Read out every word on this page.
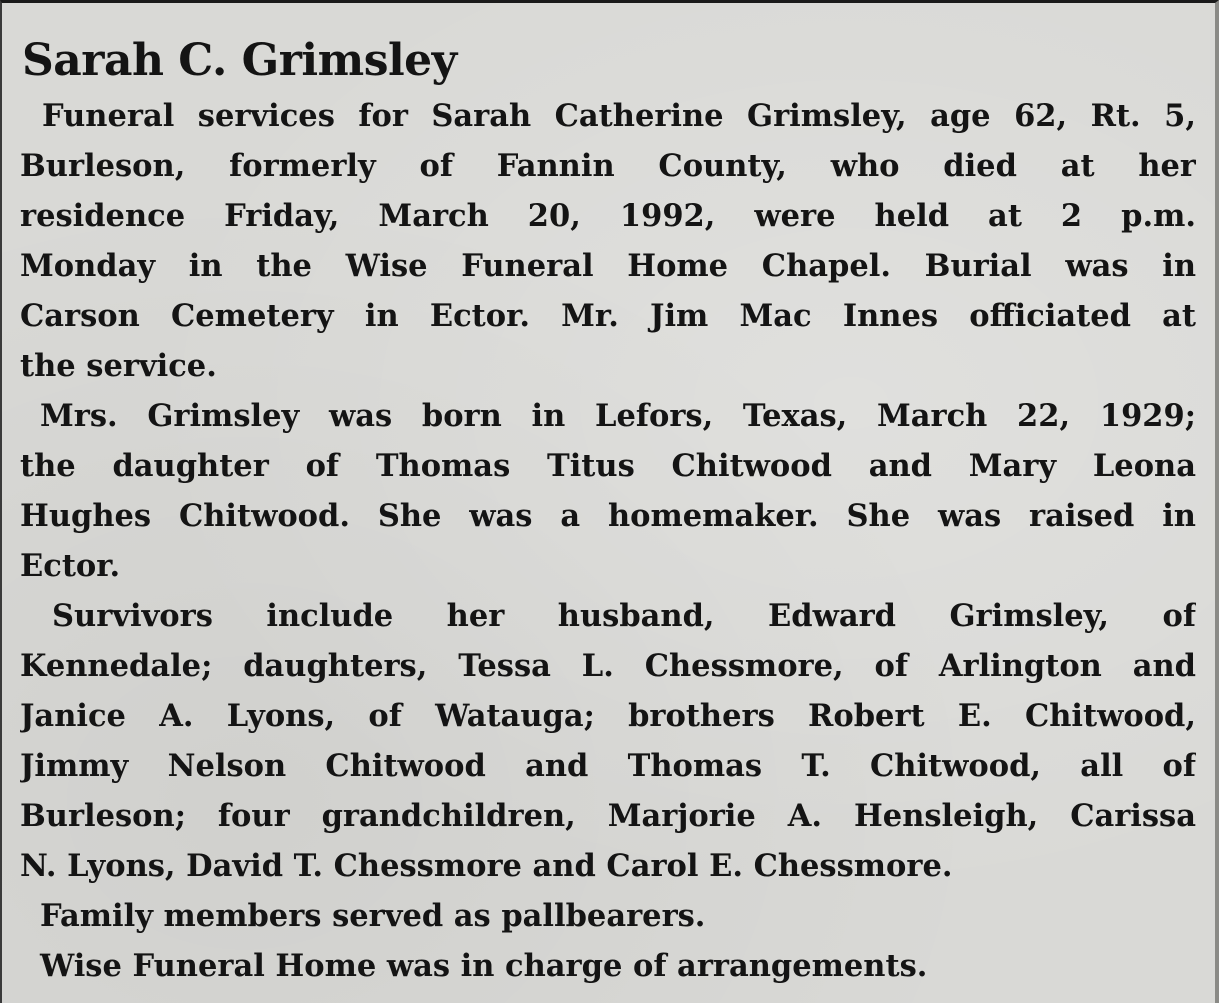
Sarah C. Grimsley
Funeral services for Sarah Catherine Grimsley, age 62, Rt. 5,
Burleson, formerly of Fannin County, who died at her
residence Friday, March 20, 1992, were held at 2 p.m.
Monday in the Wise Funeral Home Chapel. Burial was in
Carson Cemetery in Ector. Mr. Jim Mac Innes officiated at
the service.
Mrs. Grimsley was born in Lefors, Texas, March 22, 1929;
the daughter of Thomas Titus Chitwood and Mary Leona
Hughes Chitwood. She was a homemaker. She was raised in
Ector.
Survivors include her husband, Edward Grimsley, of
Kennedale; daughters, Tessa L. Chessmore, of Arlington and
Janice A. Lyons, of Watauga; brothers Robert E. Chitwood,
Jimmy Nelson Chitwood and Thomas T. Chitwood, all of
Burleson; four grandchildren, Marjorie A. Hensleigh, Carissa
N. Lyons, David T. Chessmore and Carol E. Chessmore.
Family members served as pallbearers.
Wise Funeral Home was in charge of arrangements.
